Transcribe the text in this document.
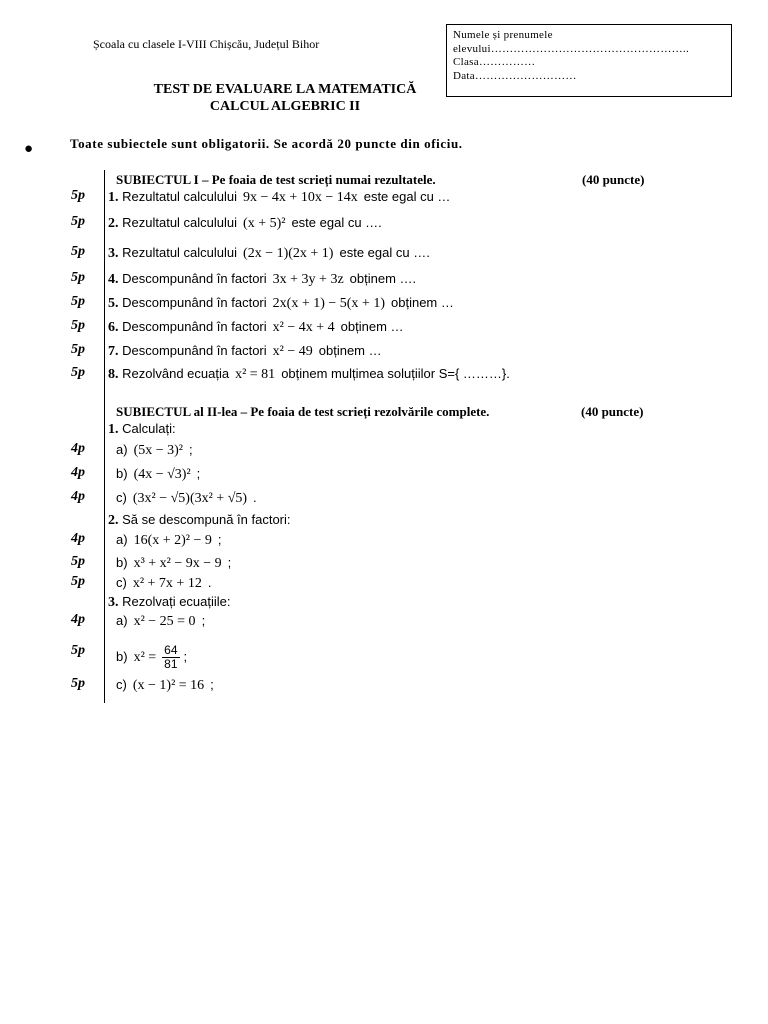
Școala cu clasele I-VIII Chișcău, Județul Bihor
Numele și prenumele
elevului……………………………………………..
Clasa……………
Data………………………
TEST DE EVALUARE LA MATEMATICĂ
CALCUL ALGEBRIC II
●	Toate subiectele sunt obligatorii. Se acordă 20 puncte din oficiu.
SUBIECTUL I – Pe foaia de test scrieți numai rezultatele.	(40 puncte)
5p	1. Rezultatul calculului 9x − 4x + 10x − 14x este egal cu …
5p	2. Rezultatul calculului (x + 5)² este egal cu ….
5p	3. Rezultatul calculului (2x − 1)(2x + 1) este egal cu ….
5p	4. Descompunând în factori 3x + 3y + 3z obținem ….
5p	5. Descompunând în factori 2x(x + 1) − 5(x + 1) obținem …
5p	6. Descompunând în factori x² − 4x + 4 obținem …
5p	7. Descompunând în factori x² − 49 obținem …
5p	8. Rezolvând ecuația x² = 81 obținem mulțimea soluțiilor S={ ………}.
SUBIECTUL al II-lea – Pe foaia de test scrieți rezolvările complete.	(40 puncte)
1. Calculați:
4p	a) (5x − 3)² ;
4p	b) (4x − √3)² ;
4p	c) (3x² − √5)(3x² + √5) .
2. Să se descompună în factori:
4p	a) 16(x + 2)² − 9 ;
5p	b) x³ + x² − 9x − 9 ;
5p	c) x² + 7x + 12 .
3. Rezolvați ecuațiile:
4p	a) x² − 25 = 0 ;
5p	b) $x^2 = \frac{64}{81}$ ;
5p	c) (x − 1)² = 16 ;
